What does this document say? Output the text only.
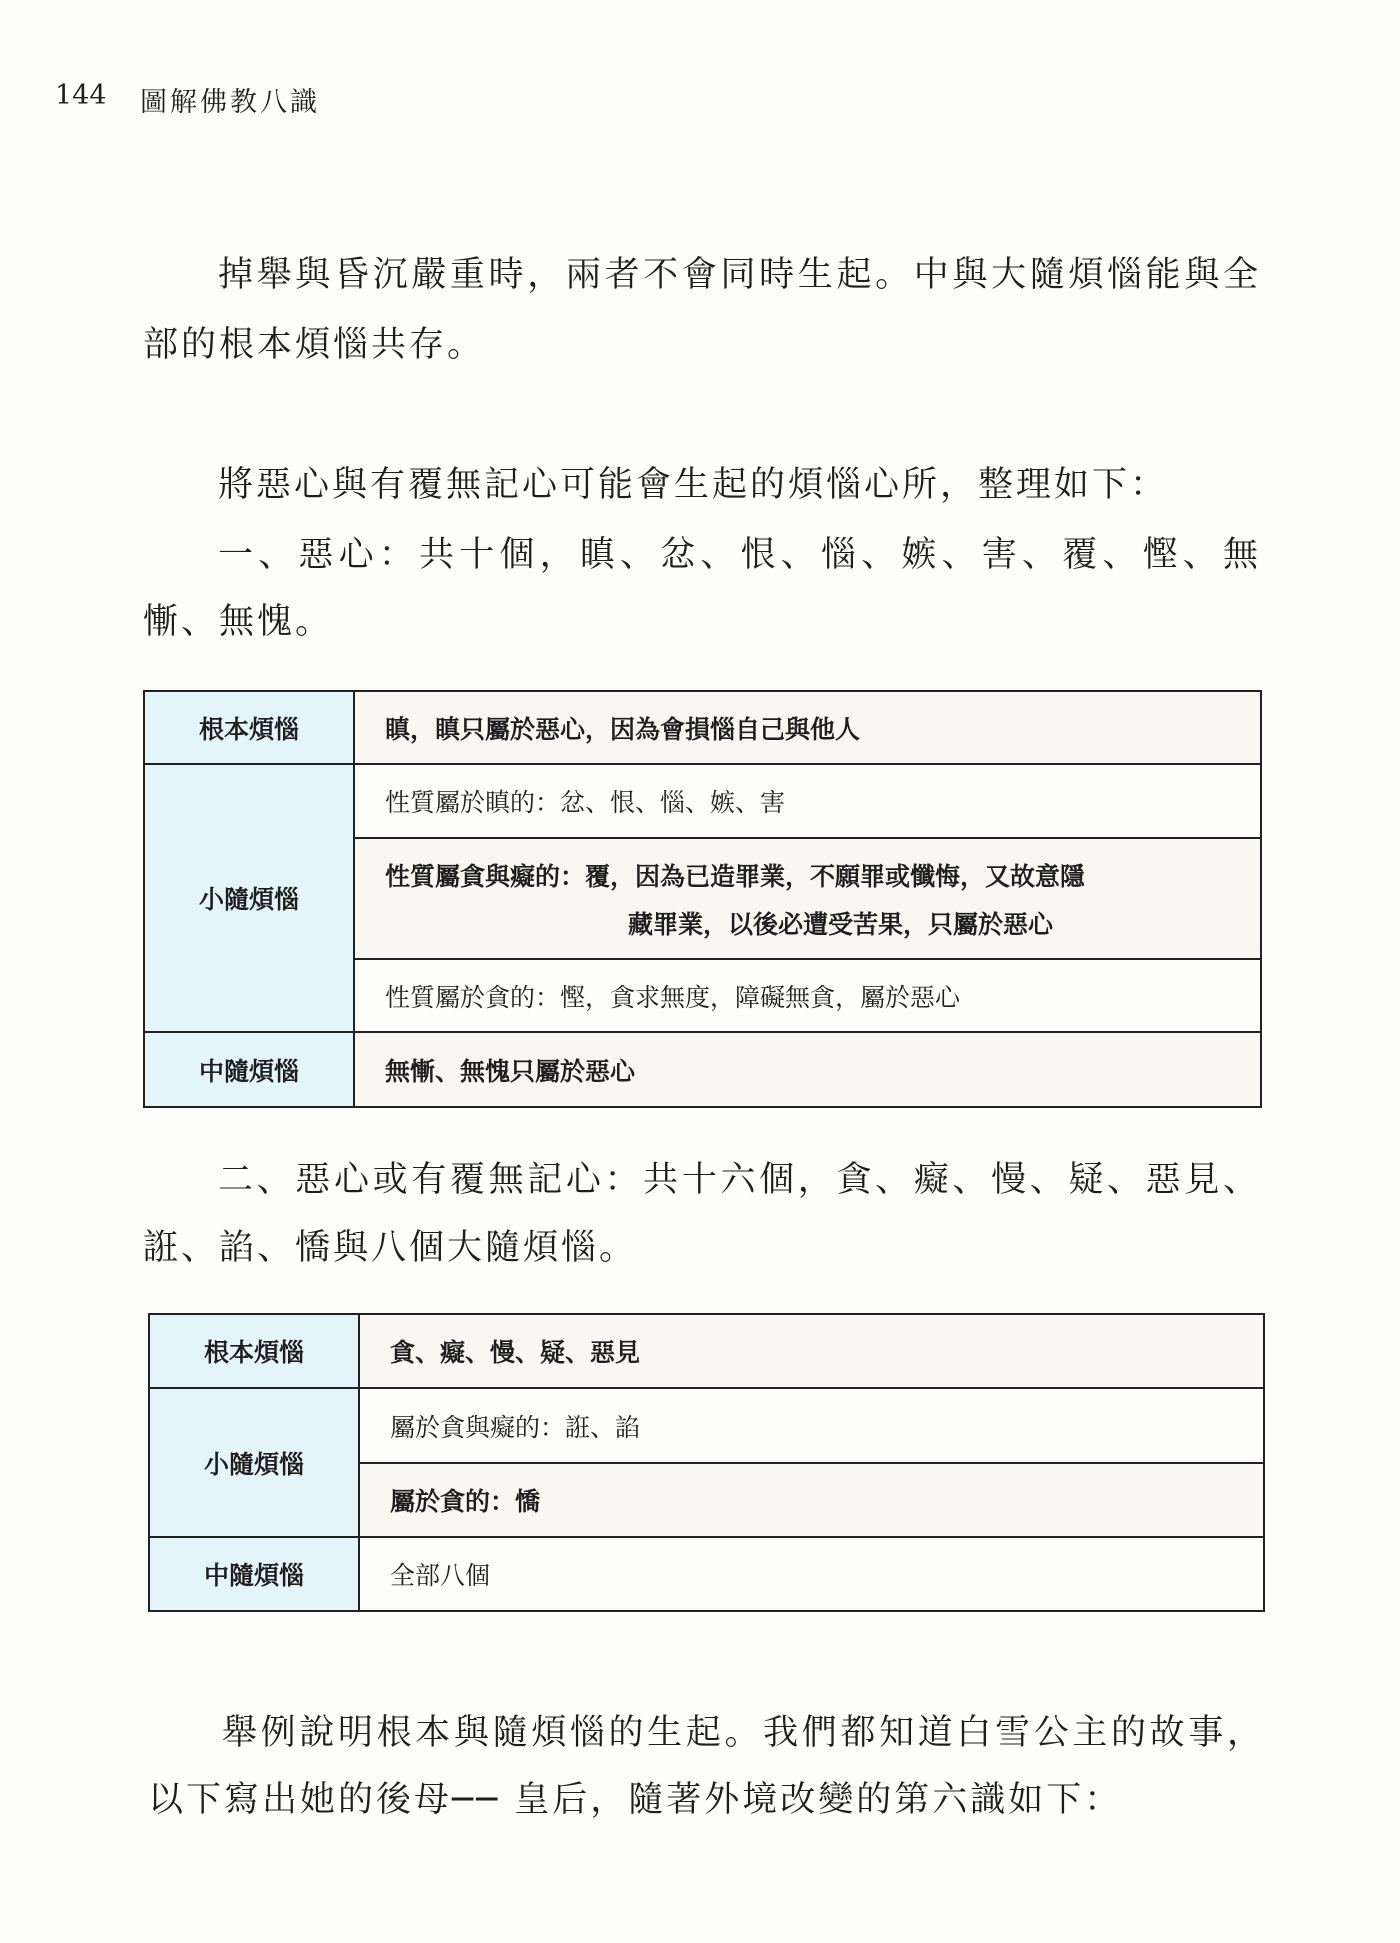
144 圖解佛教八識
掉舉與昏沉嚴重時，兩者不會同時生起。中與大隨煩惱能與全
部的根本煩惱共存。
將惡心與有覆無記心可能會生起的煩惱心所，整理如下：
一、惡心：共十個，瞋、忿、恨、惱、嫉、害、覆、慳、無
慚、無愧。
根本煩惱	瞋，瞋只屬於惡心，因為會損惱自己與他人
小隨煩惱	性質屬於瞋的：忿、恨、惱、嫉、害

	性質屬貪與癡的：覆，因為已造罪業，不願罪或懺悔，又故意隱
藏罪業，以後必遭受苦果，只屬於惡心

	性質屬於貪的：慳，貪求無度，障礙無貪，屬於惡心
中隨煩惱	無慚、無愧只屬於惡心
二、惡心或有覆無記心：共十六個，貪、癡、慢、疑、惡見、
誑、諂、憍與八個大隨煩惱。
根本煩惱	貪、癡、慢、疑、惡見
小隨煩惱	屬於貪與癡的：誑、諂
	屬於貪的：憍
中隨煩惱	全部八個
舉例說明根本與隨煩惱的生起。我們都知道白雪公主的故事，
以下寫出她的後母── 皇后，隨著外境改變的第六識如下：
